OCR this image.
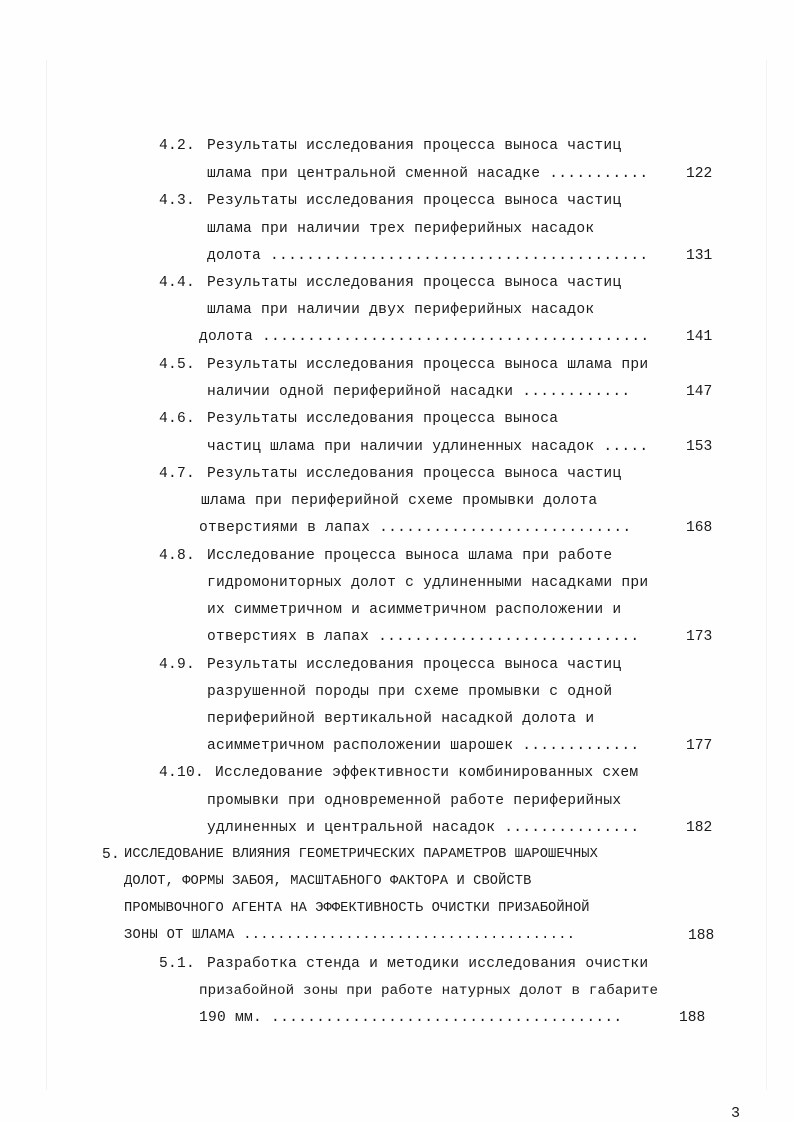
4.2. Результаты исследования процесса выноса частиц
шлама при центральной сменной насадке ...........	122
4.3. Результаты исследования процесса выноса частиц
шлама при наличии трех периферийных насадок
долота ..........................................	131
4.4. Результаты исследования процесса выноса частиц
шлама при наличии двух периферийных насадок
долота ...........................................	141
4.5. Результаты исследования процесса выноса шлама при
наличии одной периферийной насадки ............	147
4.6. Результаты исследования процесса выноса
частиц шлама при наличии удлиненных насадок .....	153
4.7. Результаты исследования процесса выноса частиц
шлама при периферийной схеме промывки долота
отверстиями в лапах ............................	168
4.8. Исследование процесса выноса шлама при работе
гидромониторных долот с удлиненными насадками при
их симметричном и асимметричном расположении и
отверстиях в лапах .............................	173
4.9. Результаты исследования процесса выноса частиц
разрушенной породы при схеме промывки с одной
периферийной вертикальной насадкой долота и
асимметричном расположении шарошек .............	177
4.10. Исследование эффективности комбинированных схем
промывки при одновременной работе периферийных
удлиненных и центральной насадок ...............	182
5. ИССЛЕДОВАНИЕ ВЛИЯНИЯ ГЕОМЕТРИЧЕСКИХ ПАРАМЕТРОВ ШАРОШЕЧНЫХ
ДОЛОТ, ФОРМЫ ЗАБОЯ, МАСШТАБНОГО ФАКТОРА И СВОЙСТВ
ПРОМЫВОЧНОГО АГЕНТА НА ЭФФЕКТИВНОСТЬ ОЧИСТКИ ПРИЗАБОЙНОЙ
ЗОНЫ ОТ ШЛАМА .......................................	188
5.1. Разработка стенда и методики исследования очистки
призабойной зоны при работе натурных долот в габарите
190 мм. .......................................	188
3
